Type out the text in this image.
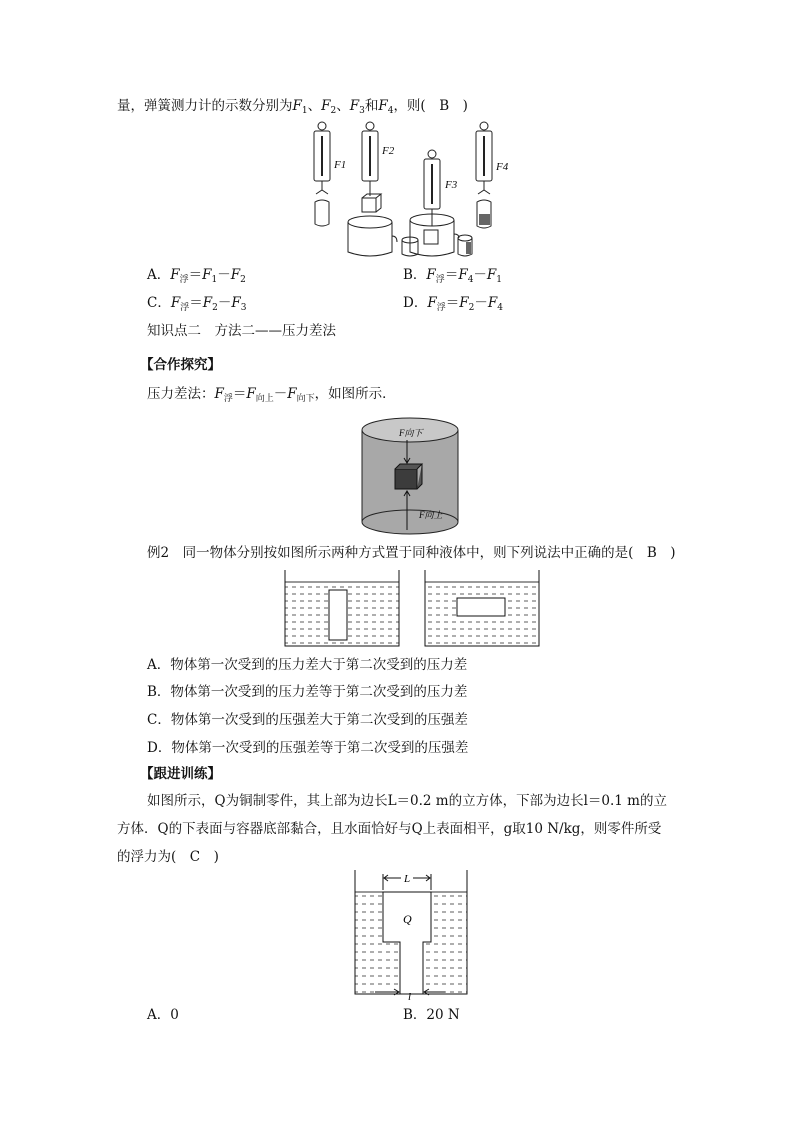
量，弹簧测力计的示数分别为$F_1$、$F_2$、$F_3$和$F_4$，则(　B　)
F1
F2
F3
F4
A．$F_浮=F_1-F_2$	B．$F_浮=F_4-F_1$
C．$F_浮=F_2-F_3$	D．$F_浮=F_2-F_4$
知识点二　方法二——压力差法
【合作探究】
压力差法：$F_浮=F_{向上}-F_{向下}$，如图所示．
F向下
F向上
例2　同一物体分别按如图所示两种方式置于同种液体中，则下列说法中正确的是(　B　)
A．物体第一次受到的压力差大于第二次受到的压力差
B．物体第一次受到的压力差等于第二次受到的压力差
C．物体第一次受到的压强差大于第二次受到的压强差
D．物体第一次受到的压强差等于第二次受到的压强差
【跟进训练】
如图所示，Q为铜制零件，其上部为边长L＝0.2 m的立方体，下部为边长l＝0.1 m的立
方体．Q的下表面与容器底部黏合，且水面恰好与Q上表面相平，g取10 N/kg，则零件所受
的浮力为(　C　)
L
Q
l
A．0	B．20 N
